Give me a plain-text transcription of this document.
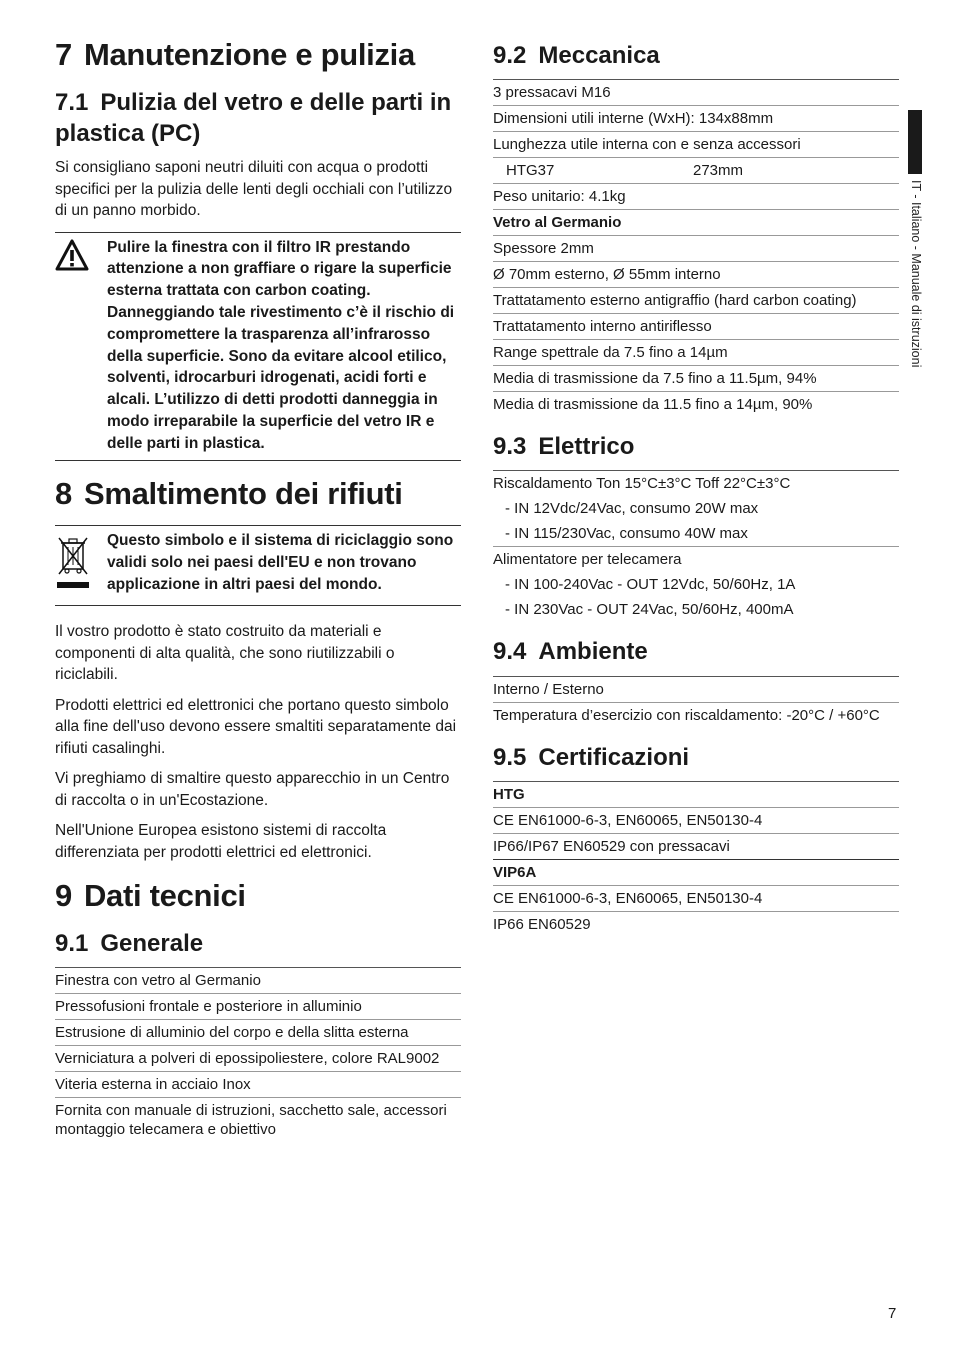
7 Manutenzione e pulizia
7.1 Pulizia del vetro e delle parti in plastica (PC)

Si consigliano saponi neutri diluiti con acqua o prodotti specifici per la pulizia delle lenti degli occhiali con l’utilizzo di un panno morbido.

Pulire la finestra con il filtro IR prestando attenzione a non graffiare o rigare la superficie esterna trattata con carbon coating. Danneggiando tale rivestimento c’è il rischio di compromettere la trasparenza all’infrarosso della superficie. Sono da evitare alcool etilico, solventi, idrocarburi idrogenati, acidi forti e alcali. L’utilizzo di detti prodotti danneggia in modo irreparabile la superficie del vetro IR e delle parti in plastica.
8 Smaltimento dei rifiuti
Questo simbolo e il sistema di riciclaggio sono validi solo nei paesi dell'EU e non trovano applicazione in altri paesi del mondo.

Il vostro prodotto è stato costruito da materiali e componenti di alta qualità, che sono riutilizzabili o riciclabili.

Prodotti elettrici ed elettronici che portano questo simbolo alla fine dell'uso devono essere smaltiti separatamente dai rifiuti casalinghi.

Vi preghiamo di smaltire questo apparecchio in un Centro di raccolta o in un'Ecostazione.

Nell'Unione Europea esistono sistemi di raccolta differenziata per prodotti elettrici ed elettronici.

9 Dati tecnici
9.1 Generale
Finestra con vetro al Germanio
Pressofusioni frontale e posteriore in alluminio
Estrusione di alluminio del corpo e della slitta esterna
Verniciatura a polveri di epossipoliestere, colore RAL9002
Viteria esterna in acciaio Inox
Fornita con manuale di istruzioni, sacchetto sale, accessori montaggio telecamera e obiettivo
9.2 Meccanica
3 pressacavi M16
Dimensioni utili interne (WxH): 134x88mm
Lunghezza utile interna con e senza accessori
HTG37	273mm
Peso unitario: 4.1kg
Vetro al Germanio
Spessore 2mm
Ø 70mm esterno, Ø 55mm interno
Trattatamento esterno antigraffio (hard carbon coating)
Trattatamento interno antiriflesso
Range spettrale da 7.5 fino a 14µm
Media di trasmissione da 7.5 fino a 11.5µm, 94%
Media di trasmissione da 11.5 fino a 14µm, 90%
9.3 Elettrico
Riscaldamento Ton 15°C±3°C Toff 22°C±3°C
- IN 12Vdc/24Vac, consumo 20W max
- IN 115/230Vac, consumo 40W max
Alimentatore per telecamera
- IN 100-240Vac - OUT 12Vdc, 50/60Hz, 1A
- IN 230Vac - OUT 24Vac, 50/60Hz, 400mA
9.4 Ambiente
Interno / Esterno
Temperatura d’esercizio con riscaldamento: -20°C / +60°C
9.5 Certificazioni
HTG
CE EN61000-6-3, EN60065, EN50130-4
IP66/IP67 EN60529 con pressacavi
VIP6A
CE EN61000-6-3, EN60065, EN50130-4
IP66 EN60529
IT - Italiano - Manuale di istruzioni
7
